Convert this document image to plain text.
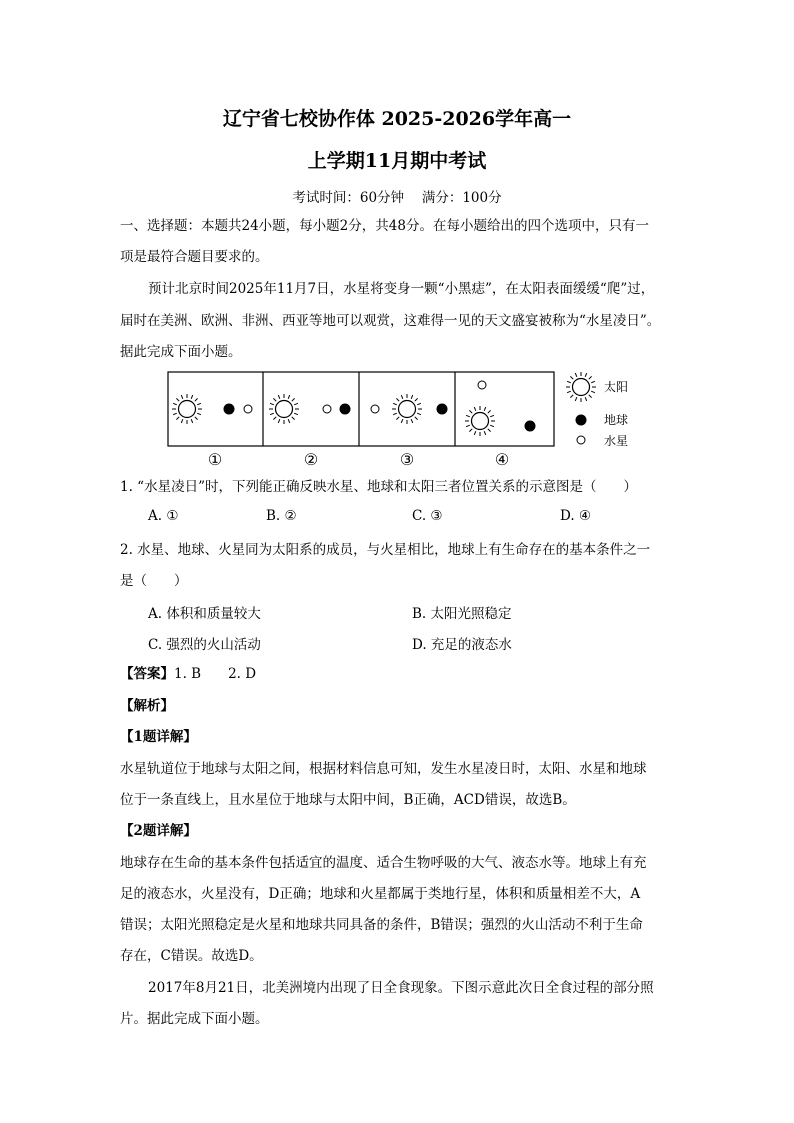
辽宁省七校协作体 2025-2026学年高一
上学期11月期中考试
考试时间：60分钟　 满分：100分
一、选择题：本题共24小题，每小题2分，共48分。在每小题给出的四个选项中，只有一
项是最符合题目要求的。
预计北京时间2025年11月7日，水星将变身一颗“小黑痣”，在太阳表面缓缓“爬”过，
届时在美洲、欧洲、非洲、西亚等地可以观赏，这难得一见的天文盛宴被称为“水星凌日”。
据此完成下面小题。
①	②	③	④
太阳
地球
水星
1. “水星凌日”时，下列能正确反映水星、地球和太阳三者位置关系的示意图是（　　）
A. ①	B. ②	C. ③	D. ④
2. 水星、地球、火星同为太阳系的成员，与火星相比，地球上有生命存在的基本条件之一
是（　　）
A. 体积和质量较大	B. 太阳光照稳定
C. 强烈的火山活动	D. 充足的液态水
【答案】1. B　　2. D
【解析】
【1题详解】
水星轨道位于地球与太阳之间，根据材料信息可知，发生水星凌日时，太阳、水星和地球
位于一条直线上，且水星位于地球与太阳中间，B正确，ACD错误，故选B。
【2题详解】
地球存在生命的基本条件包括适宜的温度、适合生物呼吸的大气、液态水等。地球上有充
足的液态水，火星没有，D正确；地球和火星都属于类地行星，体积和质量相差不大，A
错误；太阳光照稳定是火星和地球共同具备的条件，B错误；强烈的火山活动不利于生命
存在，C错误。故选D。
2017年8月21日，北美洲境内出现了日全食现象。下图示意此次日全食过程的部分照
片。据此完成下面小题。
